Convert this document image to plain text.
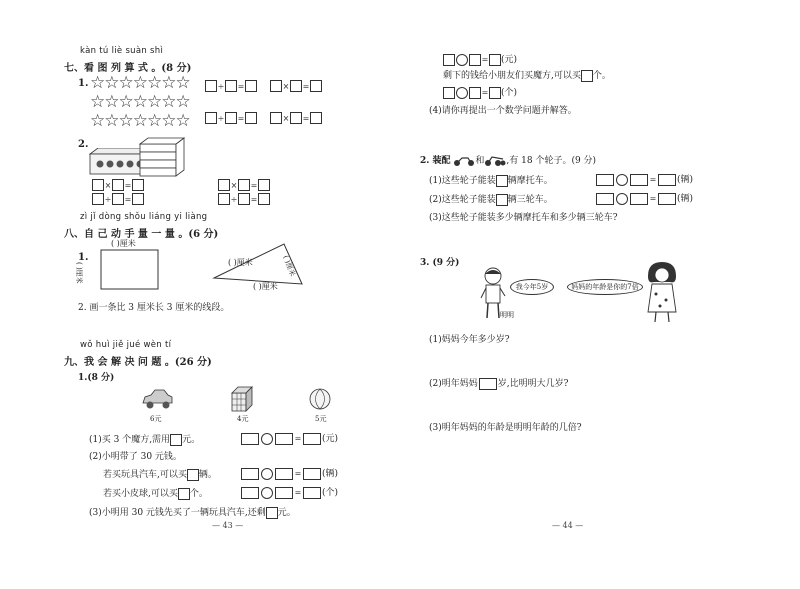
kàn tú liè suàn shì
七、看 图 列 算 式 。(8 分)
1. ☆☆☆☆☆☆☆
☆☆☆☆☆☆☆
☆☆☆☆☆☆☆
÷ =	× =
÷ =	× =
2.
× =	× =
÷ =	÷ =
zì jǐ dòng shǒu liáng yi liàng
八、自 己 动 手 量 一 量 。(6 分)
1.
( )厘米
( )厘米	( )厘米	( )厘米
( )厘米
2. 画一条比 3 厘米长 3 厘米的线段。
wǒ huì jiě jué wèn tí
九、我 会 解 决 问 题 。(26 分)
1.(8 分)
6元	4元	5元
(1)买 3 个魔方,需用 元。	= (元)
(2)小明带了 30 元钱。
若买玩具汽车,可以买 辆。	= (辆)
若买小皮球,可以买 个。	= (个)
(3)小明用 30 元钱先买了一辆玩具汽车,还剩 元。
— 43 —
= (元)
剩下的钱给小朋友们买魔方,可以买 个。
= (个)
(4)请你再提出一个数学问题并解答。
2. 装配	和 ,有 18 个轮子。(9 分)
(1)这些轮子能装 辆摩托车。	= (辆)
(2)这些轮子能装 辆三轮车。	= (辆)
(3)这些轮子能装多少辆摩托车和多少辆三轮车?
3. (9 分)
我今年5岁	妈妈的年龄是你的7倍
明明
(1)妈妈今年多少岁?
(2)明年妈妈 岁,比明明大几岁?
(3)明年妈妈的年龄是明明年龄的几倍?
— 44 —
